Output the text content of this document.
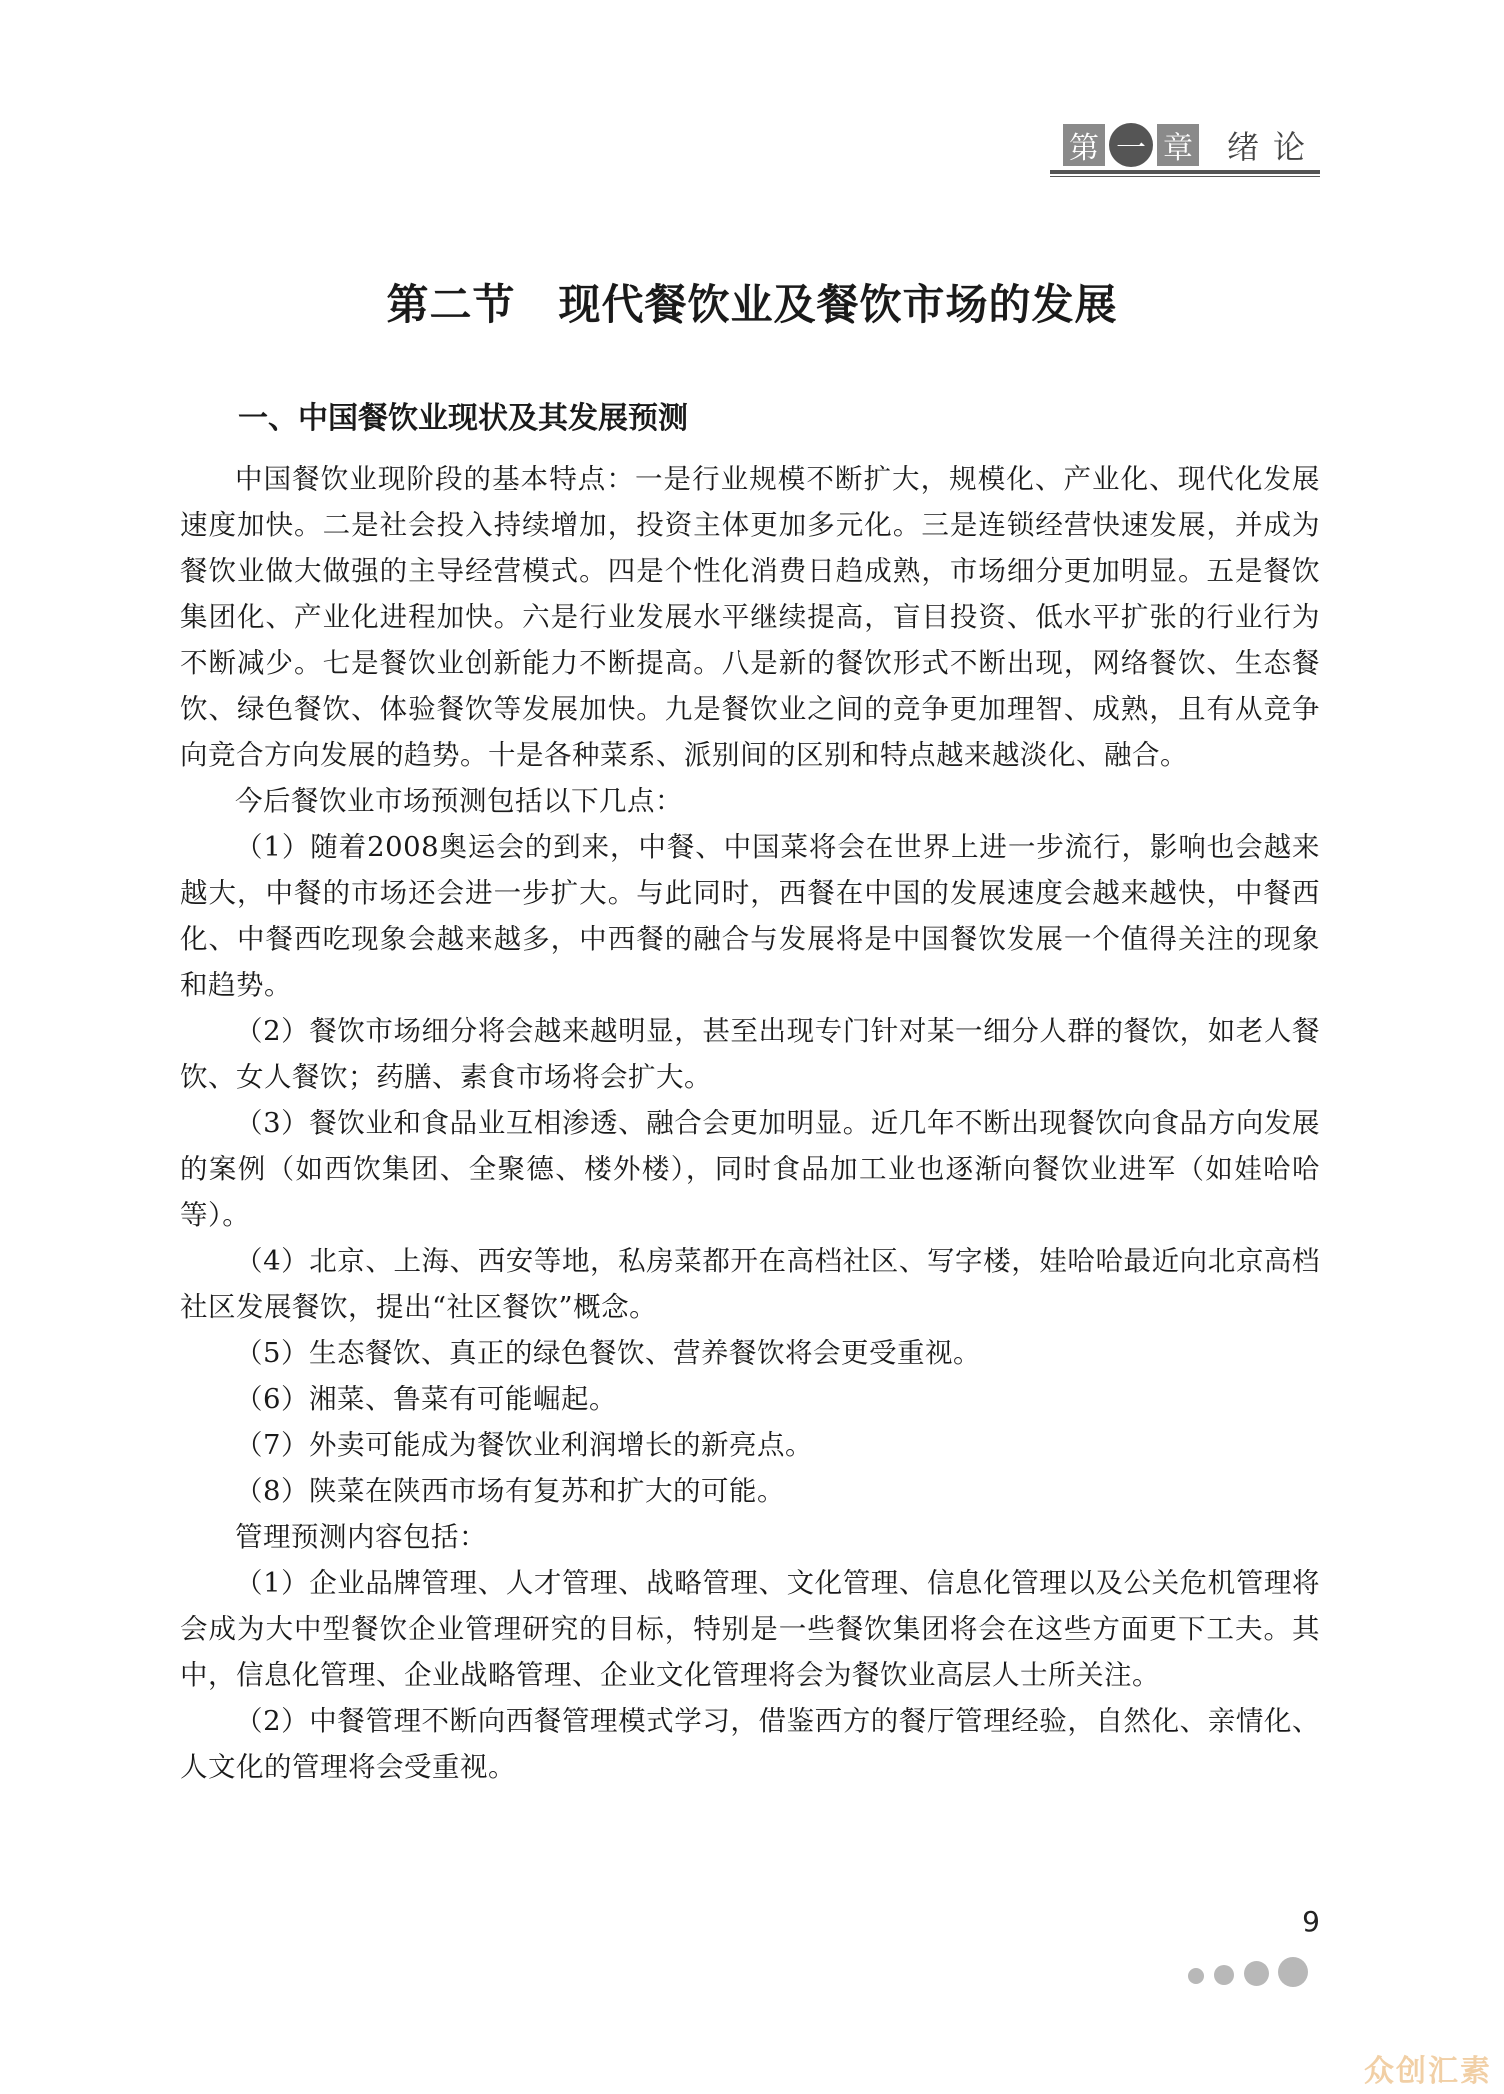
第 一 章 绪论
第二节　现代餐饮业及餐饮市场的发展
一、中国餐饮业现状及其发展预测

中国餐饮业现阶段的基本特点：一是行业规模不断扩大，规模化、产业化、现代化发展速度加快。二是社会投入持续增加，投资主体更加多元化。三是连锁经营快速发展，并成为餐饮业做大做强的主导经营模式。四是个性化消费日趋成熟，市场细分更加明显。五是餐饮集团化、产业化进程加快。六是行业发展水平继续提高，盲目投资、低水平扩张的行业行为不断减少。七是餐饮业创新能力不断提高。八是新的餐饮形式不断出现，网络餐饮、生态餐饮、绿色餐饮、体验餐饮等发展加快。九是餐饮业之间的竞争更加理智、成熟，且有从竞争向竞合方向发展的趋势。十是各种菜系、派别间的区别和特点越来越淡化、融合。

今后餐饮业市场预测包括以下几点：

（1）随着2008奥运会的到来，中餐、中国菜将会在世界上进一步流行，影响也会越来越大，中餐的市场还会进一步扩大。与此同时，西餐在中国的发展速度会越来越快，中餐西化、中餐西吃现象会越来越多，中西餐的融合与发展将是中国餐饮发展一个值得关注的现象和趋势。

（2）餐饮市场细分将会越来越明显，甚至出现专门针对某一细分人群的餐饮，如老人餐饮、女人餐饮；药膳、素食市场将会扩大。

（3）餐饮业和食品业互相渗透、融合会更加明显。近几年不断出现餐饮向食品方向发展的案例（如西饮集团、全聚德、楼外楼），同时食品加工业也逐渐向餐饮业进军（如娃哈哈等）。

（4）北京、上海、西安等地，私房菜都开在高档社区、写字楼，娃哈哈最近向北京高档社区发展餐饮，提出“社区餐饮”概念。

（5）生态餐饮、真正的绿色餐饮、营养餐饮将会更受重视。

（6）湘菜、鲁菜有可能崛起。

（7）外卖可能成为餐饮业利润增长的新亮点。

（8）陕菜在陕西市场有复苏和扩大的可能。

管理预测内容包括：

（1）企业品牌管理、人才管理、战略管理、文化管理、信息化管理以及公关危机管理将会成为大中型餐饮企业管理研究的目标，特别是一些餐饮集团将会在这些方面更下工夫。其中，信息化管理、企业战略管理、企业文化管理将会为餐饮业高层人士所关注。

（2）中餐管理不断向西餐管理模式学习，借鉴西方的餐厅管理经验，自然化、亲情化、人文化的管理将会受重视。

9
众创汇素
